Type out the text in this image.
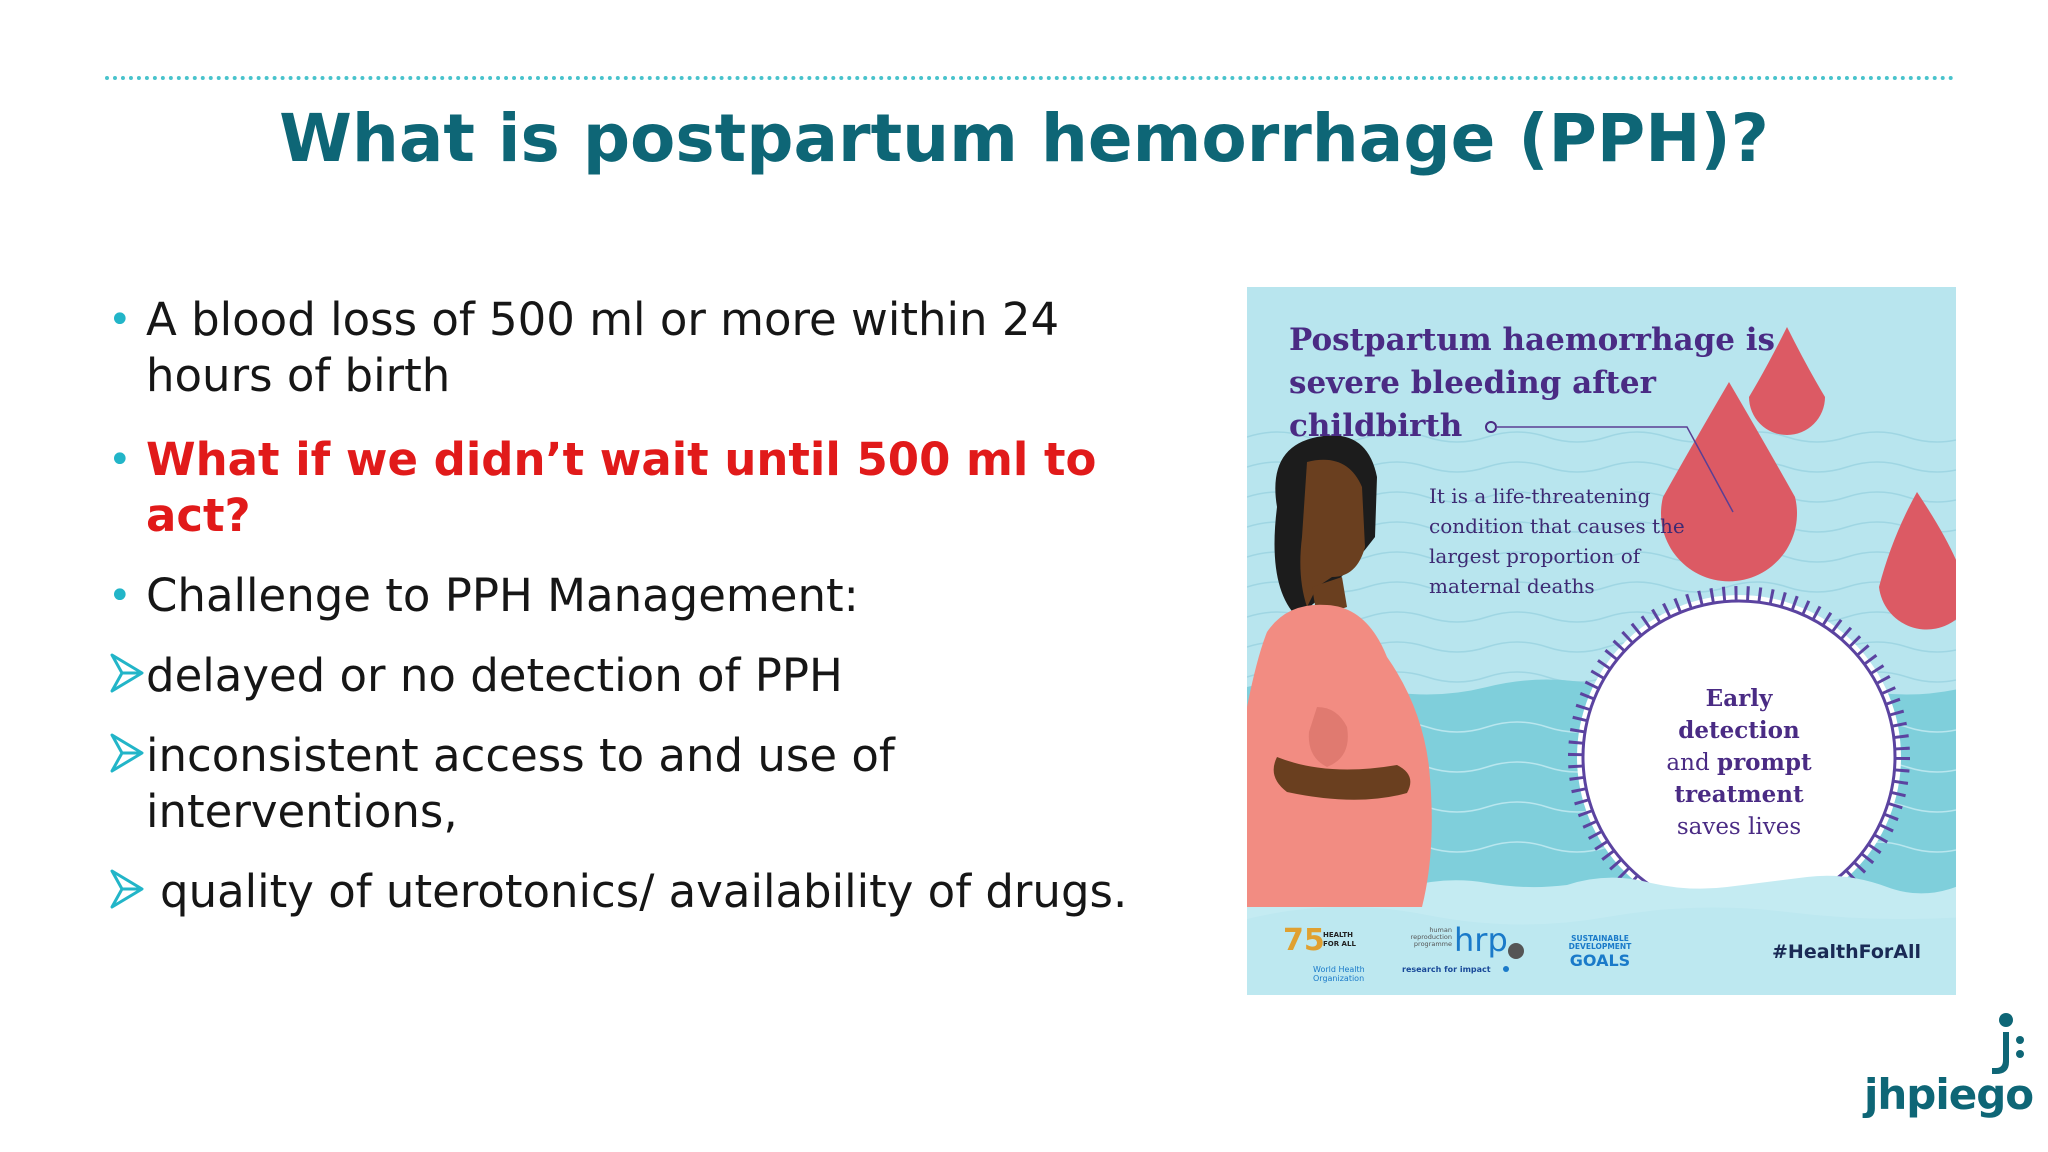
What is postpartum hemorrhage (PPH)?
• A blood loss of 500 ml or more within 24 hours of birth
• What if we didn’t wait until 500 ml to act?
• Challenge to PPH Management:
delayed or no detection of PPH
inconsistent access to and use of interventions,
quality of uterotonics/ availability of drugs.
Postpartum haemorrhage is severe bleeding after childbirth
It is a life-threatening condition that causes the largest proportion of maternal deaths
Early
detection
and prompt
treatment
saves lives
75
HEALTH FOR ALL
World Health Organization
human reproduction programme hrp
research for impact
SUSTAINABLE DEVELOPMENT
GOALS	#HealthForAll
jhpiego
